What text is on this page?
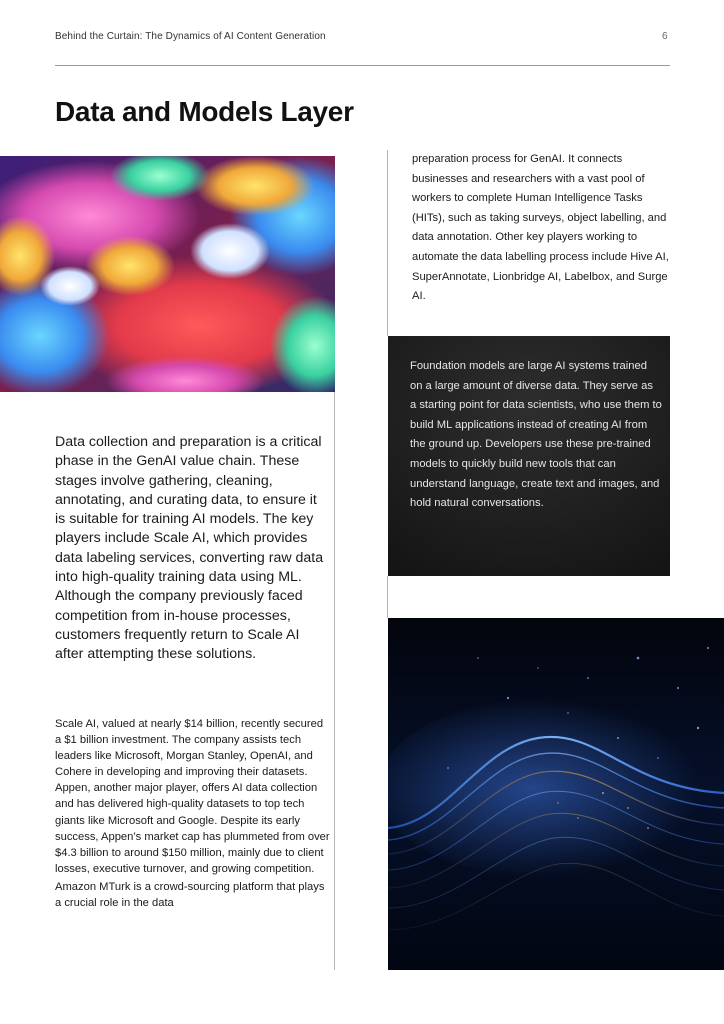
Behind the Curtain: The Dynamics of AI Content Generation	6
Data and Models Layer
Data collection and preparation is a critical phase in the GenAI value chain. These stages involve gathering, cleaning, annotating, and curating data, to ensure it is suitable for training AI models. The key players include Scale AI, which provides data labeling services, converting raw data into high-quality training data using ML. Although the company previously faced competition from in-house processes, customers frequently return to Scale AI after attempting these solutions.

Scale AI, valued at nearly $14 billion, recently secured a $1 billion investment. The company assists tech leaders like Microsoft, Morgan Stanley, OpenAI, and Cohere in developing and improving their datasets. Appen, another major player, offers AI data collection and has delivered high-quality datasets to top tech giants like Microsoft and Google. Despite its early success, Appen’s market cap has plummeted from over $4.3 billion to around $150 million, mainly due to client losses, executive turnover, and growing competition.

Amazon MTurk is a crowd-sourcing platform that plays a crucial role in the data

preparation process for GenAI. It connects businesses and researchers with a vast pool of workers to complete Human Intelligence Tasks (HITs), such as taking surveys, object labelling, and data annotation. Other key players working to automate the data labelling process include Hive AI, SuperAnnotate, Lionbridge AI, Labelbox, and Surge AI.
Foundation models are large AI systems trained on a large amount of diverse data. They serve as a starting point for data scientists, who use them to build ML applications instead of creating AI from the ground up. Developers use these pre-trained models to quickly build new tools that can understand language, create text and images, and hold natural conversations.
